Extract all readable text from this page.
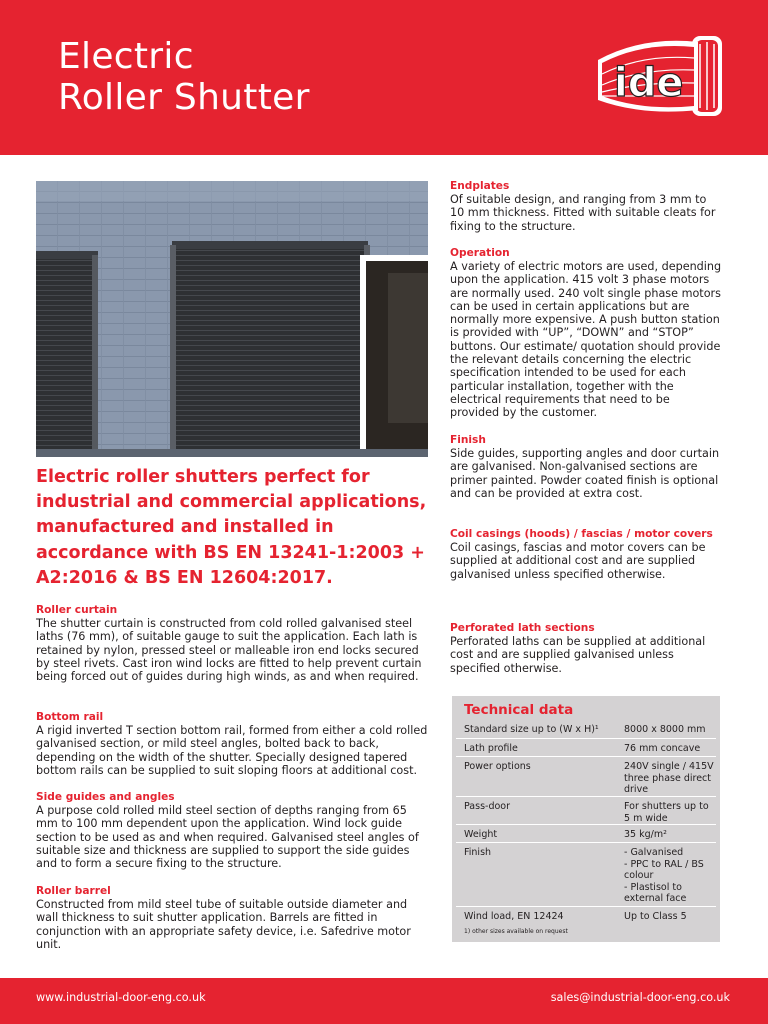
Electric
Roller Shutter	ide
Electric roller shutters perfect for industrial and commercial applications, manufactured and installed in accordance with BS EN 13241-1:2003 + A2:2016 & BS EN 12604:2017.
Roller curtain

The shutter curtain is constructed from cold rolled galvanised steel laths (76 mm), of suitable gauge to suit the application. Each lath is retained by nylon, pressed steel or malleable iron end locks secured by steel rivets. Cast iron wind locks are fitted to help prevent curtain being forced out of guides during high winds, as and when required.

Bottom rail

A rigid inverted T section bottom rail, formed from either a cold rolled galvanised section, or mild steel angles, bolted back to back, depending on the width of the shutter. Specially designed tapered bottom rails can be supplied to suit sloping floors at additional cost.

Side guides and angles

A purpose cold rolled mild steel section of depths ranging from 65 mm to 100 mm dependent upon the application. Wind lock guide section to be used as and when required. Galvanised steel angles of suitable size and thickness are supplied to support the side guides and to form a secure fixing to the structure.

Roller barrel

Constructed from mild steel tube of suitable outside diameter and wall thickness to suit shutter application. Barrels are fitted in conjunction with an appropriate safety device, i.e. Safedrive motor unit.

Endplates

Of suitable design, and ranging from 3 mm to 10 mm thickness. Fitted with suitable cleats for fixing to the structure.

Operation

A variety of electric motors are used, depending upon the application. 415 volt 3 phase motors are normally used. 240 volt single phase motors can be used in certain applications but are normally more expensive. A push button station is provided with “UP”, “DOWN” and “STOP” buttons. Our estimate/ quotation should provide the relevant details concerning the electric specification intended to be used for each particular installation, together with the electrical requirements that need to be provided by the customer.

Finish

Side guides, supporting angles and door curtain are galvanised. Non-galvanised sections are primer painted. Powder coated finish is optional and can be provided at extra cost.

Coil casings (hoods) / fascias / motor covers

Coil casings, fascias and motor covers can be supplied at additional cost and are supplied galvanised unless specified otherwise.

Perforated lath sections

Perforated laths can be supplied at additional cost and are supplied galvanised unless specified otherwise.

Technical data
Standard size up to (W x H)¹	8000 x 8000 mm
Lath profile	76 mm concave
Power options	240V single / 415V three phase direct drive
Pass-door	For shutters up to 5 m wide
Weight	35 kg/m²
Finish	- Galvanised
- PPC to RAL / BS colour
- Plastisol to external face
Wind load, EN 12424	Up to Class 5
1) other sizes available on request
www.industrial-door-eng.co.uk	sales@industrial-door-eng.co.uk
